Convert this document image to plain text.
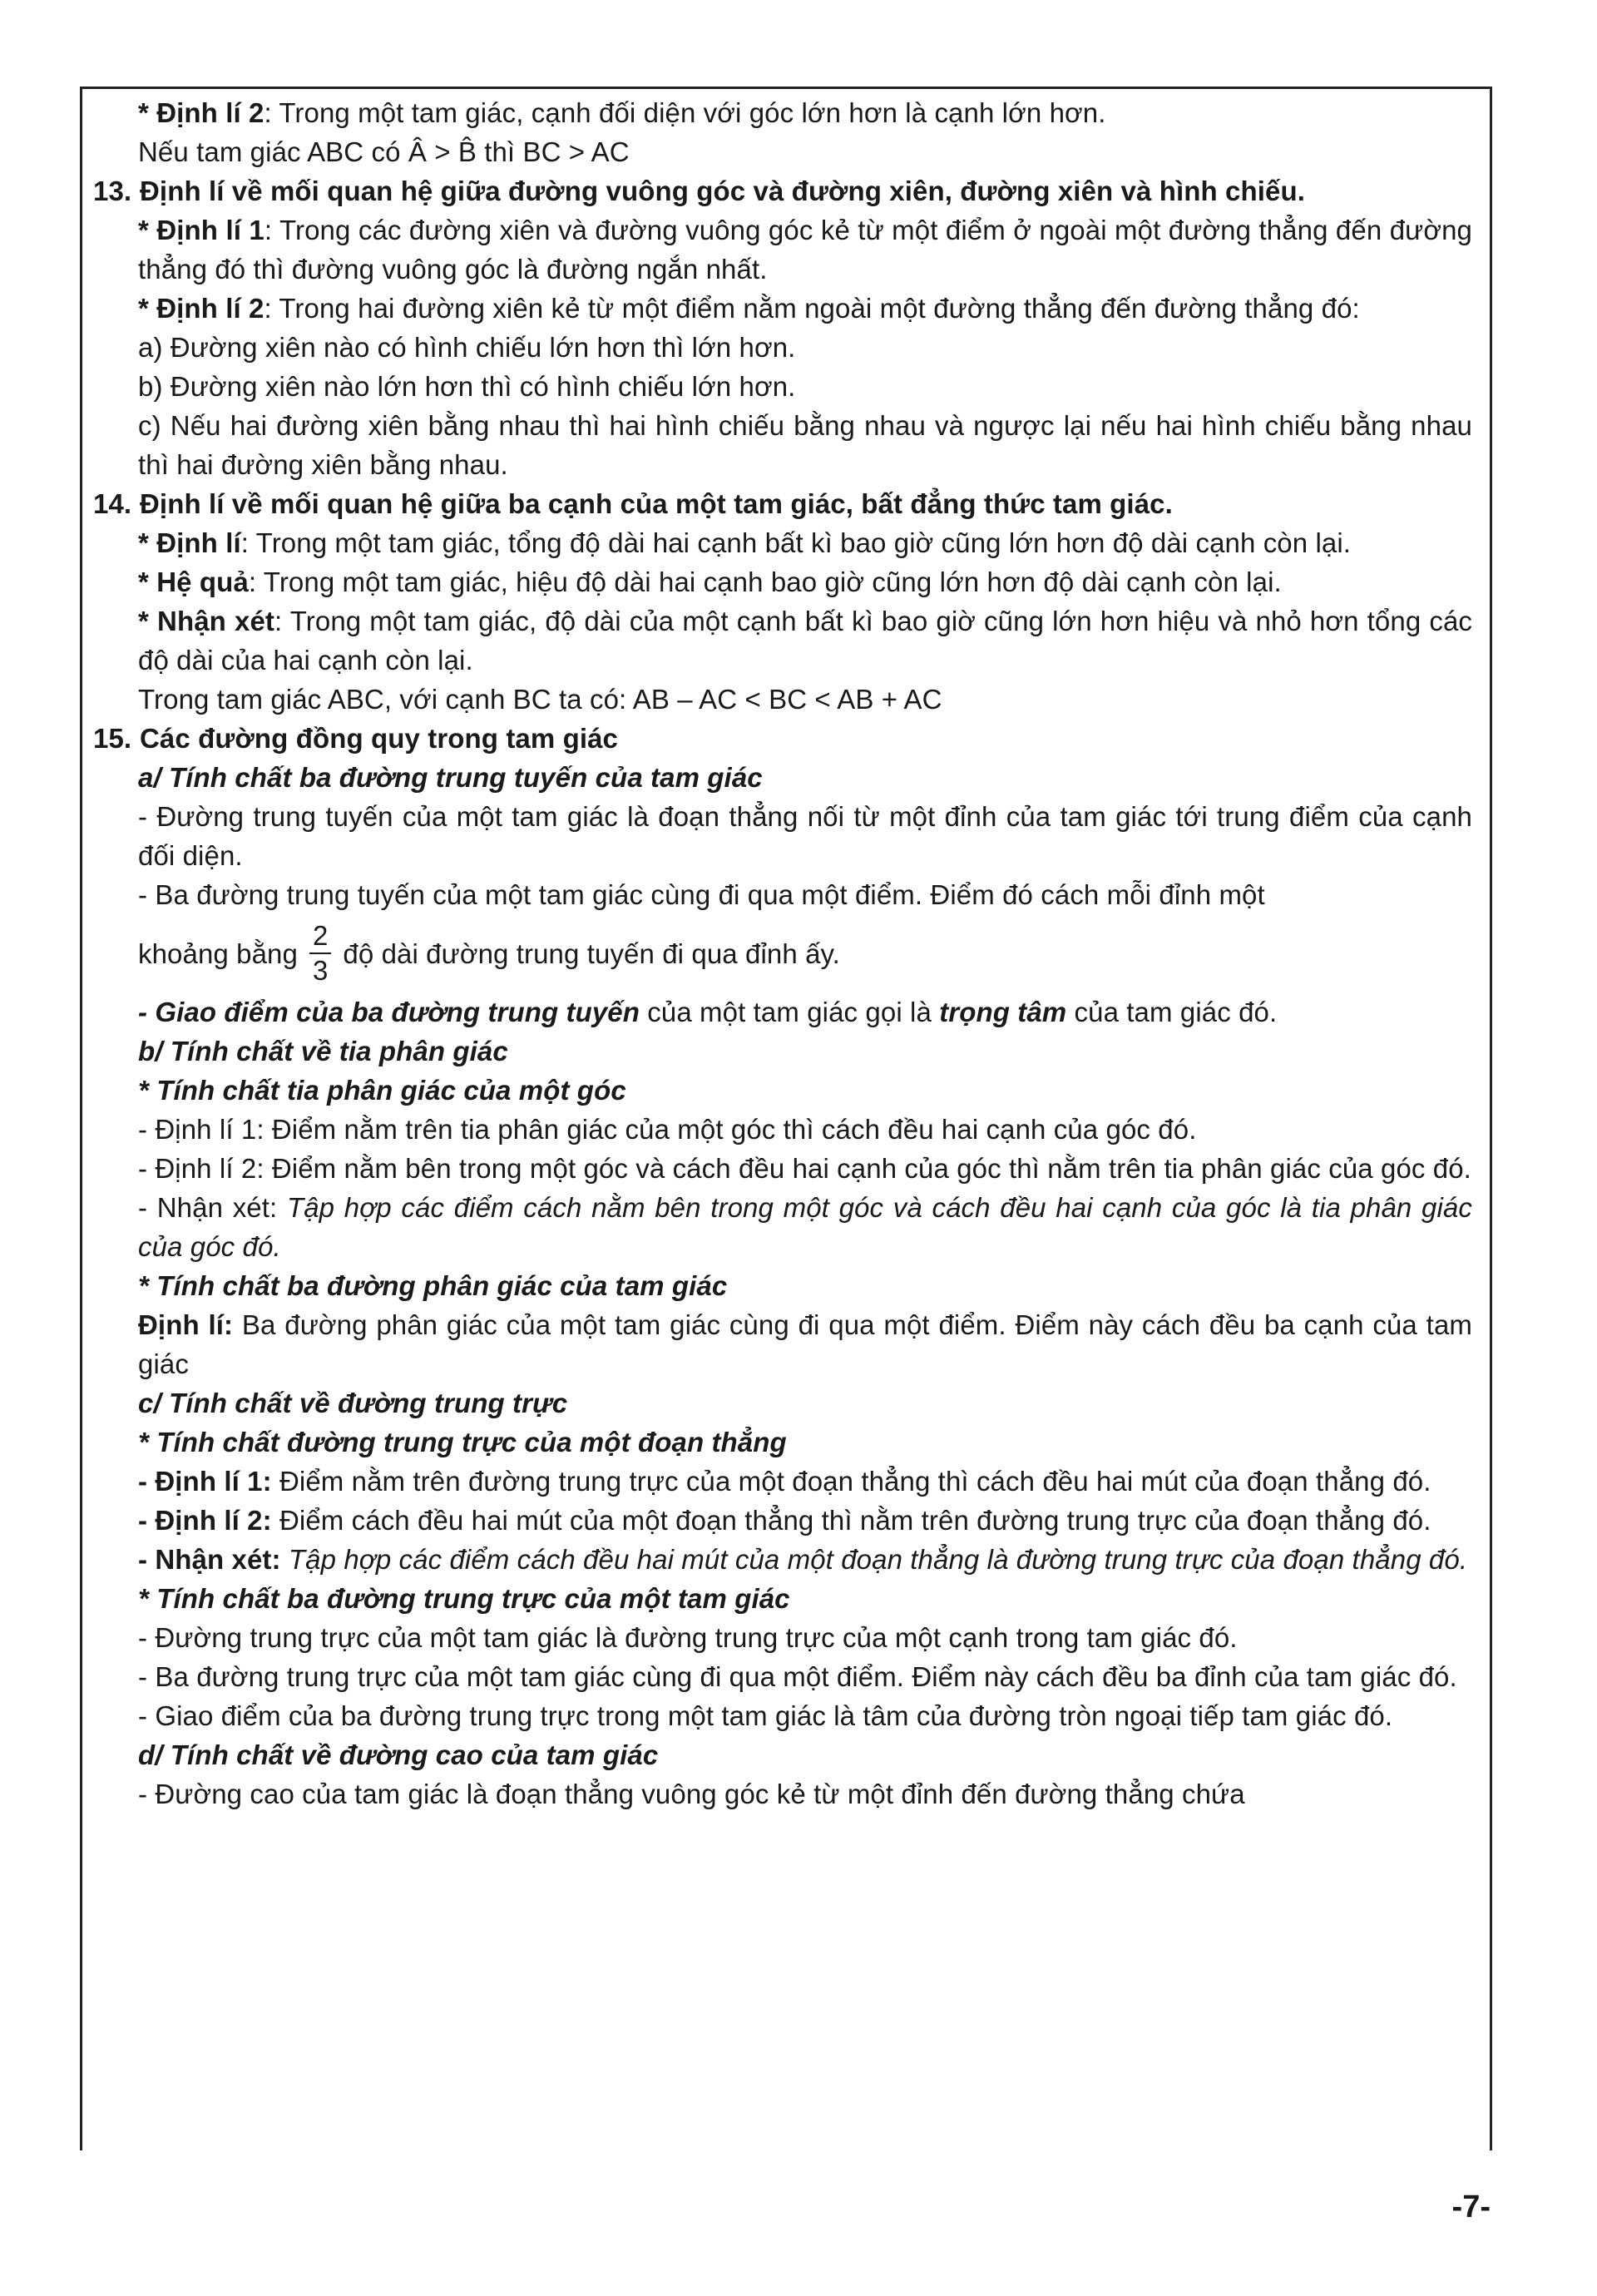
* Định lí 2: Trong một tam giác, cạnh đối diện với góc lớn hơn là cạnh lớn hơn.

Nếu tam giác ABC có Â > B̂ thì BC > AC

13. Định lí về mối quan hệ giữa đường vuông góc và đường xiên, đường xiên và hình chiếu.

* Định lí 1: Trong các đường xiên và đường vuông góc kẻ từ một điểm ở ngoài một đường thẳng đến đường thẳng đó thì đường vuông góc là đường ngắn nhất.

* Định lí 2: Trong hai đường xiên kẻ từ một điểm nằm ngoài một đường thẳng đến đường thẳng đó:

a) Đường xiên nào có hình chiếu lớn hơn thì lớn hơn.

b) Đường xiên nào lớn hơn thì có hình chiếu lớn hơn.

c) Nếu hai đường xiên bằng nhau thì hai hình chiếu bằng nhau và ngược lại nếu hai hình chiếu bằng nhau thì hai đường xiên bằng nhau.

14. Định lí về mối quan hệ giữa ba cạnh của một tam giác, bất đẳng thức tam giác.

* Định lí: Trong một tam giác, tổng độ dài hai cạnh bất kì bao giờ cũng lớn hơn độ dài cạnh còn lại.

* Hệ quả: Trong một tam giác, hiệu độ dài hai cạnh bao giờ cũng lớn hơn độ dài cạnh còn lại.

* Nhận xét: Trong một tam giác, độ dài của một cạnh bất kì bao giờ cũng lớn hơn hiệu và nhỏ hơn tổng các độ dài của hai cạnh còn lại.

Trong tam giác ABC, với cạnh BC ta có: AB – AC < BC < AB + AC

15. Các đường đồng quy trong tam giác

a/ Tính chất ba đường trung tuyến của tam giác

- Đường trung tuyến của một tam giác là đoạn thẳng nối từ một đỉnh của tam giác tới trung điểm của cạnh đối diện.

- Ba đường trung tuyến của một tam giác cùng đi qua một điểm. Điểm đó cách mỗi đỉnh một

khoảng bằng $\frac{2}{3}$ độ dài đường trung tuyến đi qua đỉnh ấy.

- Giao điểm của ba đường trung tuyến của một tam giác gọi là trọng tâm của tam giác đó.

b/ Tính chất về tia phân giác

* Tính chất tia phân giác của một góc

- Định lí 1: Điểm nằm trên tia phân giác của một góc thì cách đều hai cạnh của góc đó.

- Định lí 2: Điểm nằm bên trong một góc và cách đều hai cạnh của góc thì nằm trên tia phân giác của góc đó.

- Nhận xét: Tập hợp các điểm cách nằm bên trong một góc và cách đều hai cạnh của góc là tia phân giác của góc đó.

* Tính chất ba đường phân giác của tam giác

Định lí: Ba đường phân giác của một tam giác cùng đi qua một điểm. Điểm này cách đều ba cạnh của tam giác

c/ Tính chất về đường trung trực

* Tính chất đường trung trực của một đoạn thẳng

- Định lí 1: Điểm nằm trên đường trung trực của một đoạn thẳng thì cách đều hai mút của đoạn thẳng đó.

- Định lí 2: Điểm cách đều hai mút của một đoạn thẳng thì nằm trên đường trung trực của đoạn thẳng đó.

- Nhận xét: Tập hợp các điểm cách đều hai mút của một đoạn thẳng là đường trung trực của đoạn thẳng đó.

* Tính chất ba đường trung trực của một tam giác

- Đường trung trực của một tam giác là đường trung trực của một cạnh trong tam giác đó.

- Ba đường trung trực của một tam giác cùng đi qua một điểm. Điểm này cách đều ba đỉnh của tam giác đó.

- Giao điểm của ba đường trung trực trong một tam giác là tâm của đường tròn ngoại tiếp tam giác đó.

d/ Tính chất về đường cao của tam giác

- Đường cao của tam giác là đoạn thẳng vuông góc kẻ từ một đỉnh đến đường thẳng chứa

-7-
